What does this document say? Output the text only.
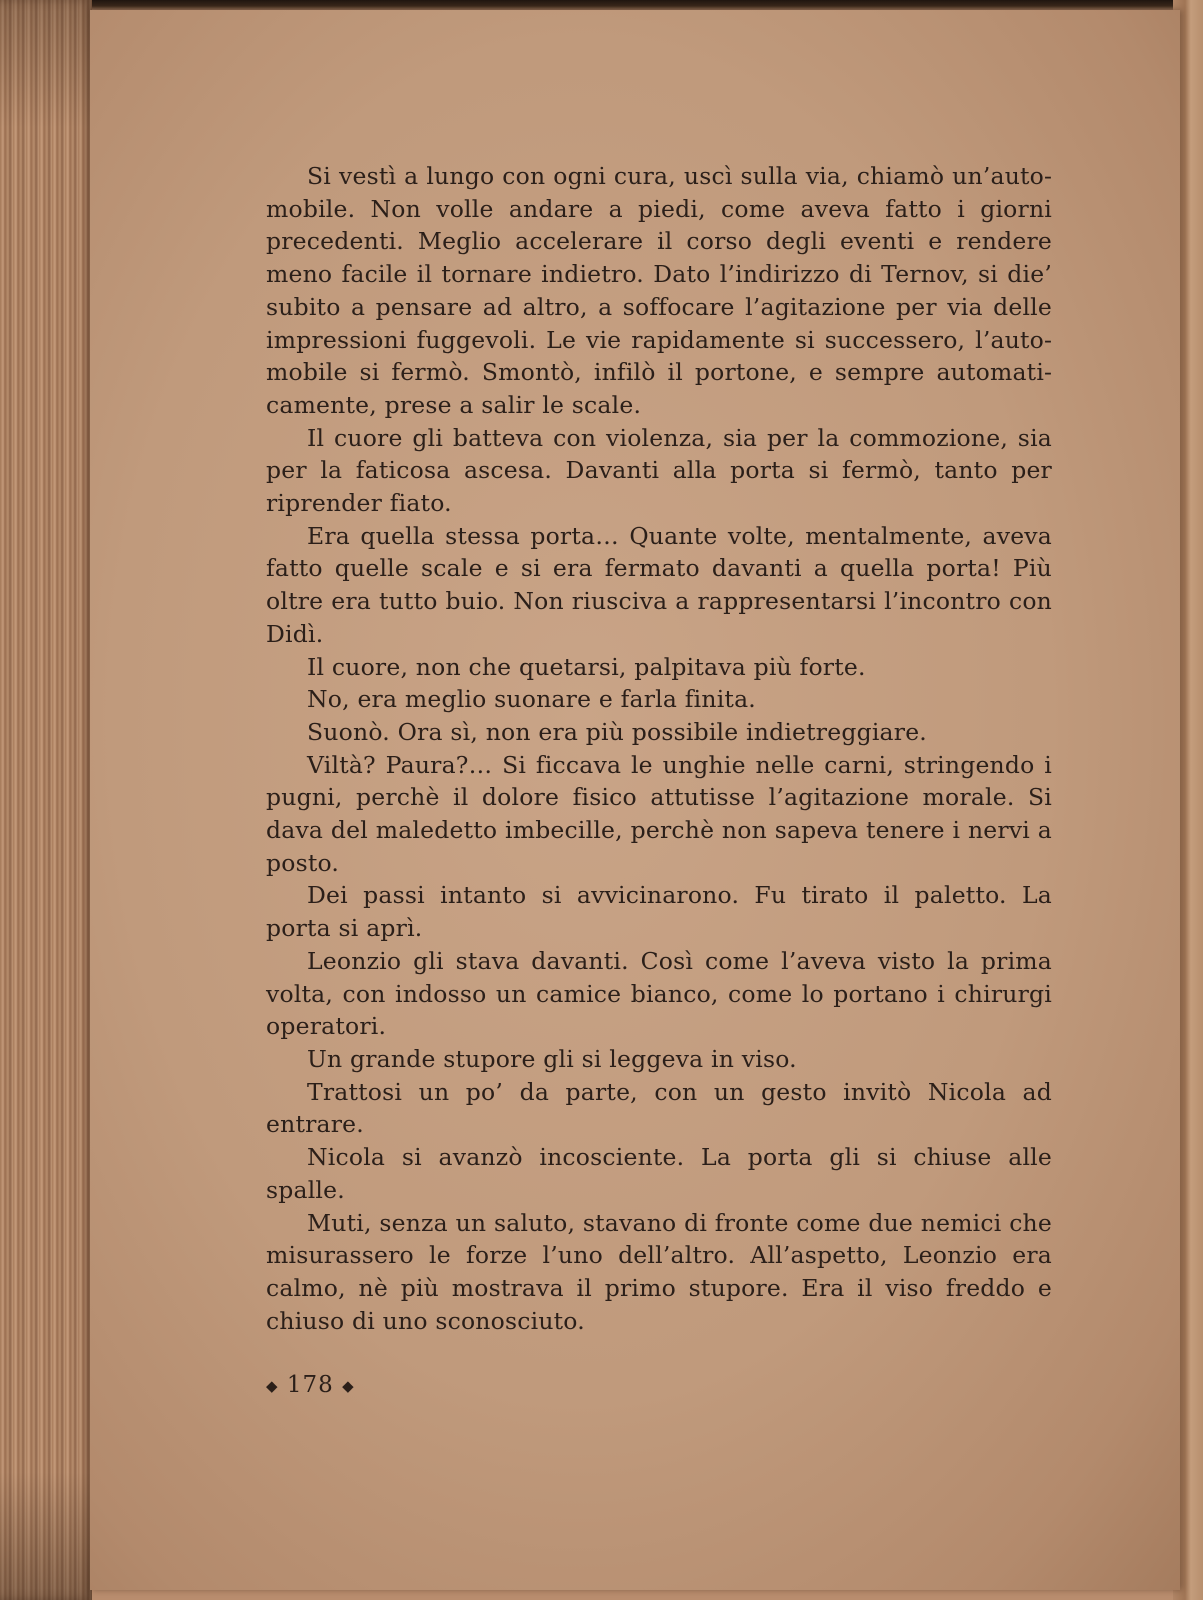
Si vestì a lungo con ogni cura, uscì sulla via, chiamò un’automobile. Non volle andare a piedi, come aveva fatto i giorni precedenti. Meglio accelerare il corso degli eventi e rendere meno facile il tornare indietro. Dato l’indirizzo di Ternov, si die’ subito a pensare ad altro, a soffocare l’agitazione per via delle impressioni fuggevoli. Le vie rapidamente si successero, l’automobile si fermò. Smontò, infilò il portone, e sempre automaticamente, prese a salir le scale.

Il cuore gli batteva con violenza, sia per la commozione, sia per la faticosa ascesa. Davanti alla porta si fermò, tanto per riprender fiato.

Era quella stessa porta… Quante volte, mentalmente, aveva fatto quelle scale e si era fermato davanti a quella porta! Più oltre era tutto buio. Non riusciva a rappresentarsi l’incontro con Didì.

Il cuore, non che quetarsi, palpitava più forte.

No, era meglio suonare e farla finita.

Suonò. Ora sì, non era più possibile indietreggiare.

Viltà? Paura?… Si ficcava le unghie nelle carni, stringendo i pugni, perchè il dolore fisico attutisse l’agitazione morale. Si dava del maledetto imbecille, perchè non sapeva tenere i nervi a posto.

Dei passi intanto si avvicinarono. Fu tirato il paletto. La porta si aprì.

Leonzio gli stava davanti. Così come l’aveva visto la prima volta, con indosso un camice bianco, come lo portano i chirurgi operatori.

Un grande stupore gli si leggeva in viso.

Trattosi un po’ da parte, con un gesto invitò Nicola ad entrare.

Nicola si avanzò incosciente. La porta gli si chiuse alle spalle.

Muti, senza un saluto, stavano di fronte come due nemici che misurassero le forze l’uno dell’altro. All’aspetto, Leonzio era calmo, nè più mostrava il primo stupore. Era il viso freddo e chiuso di uno sconosciuto.

◆ 178 ◆
